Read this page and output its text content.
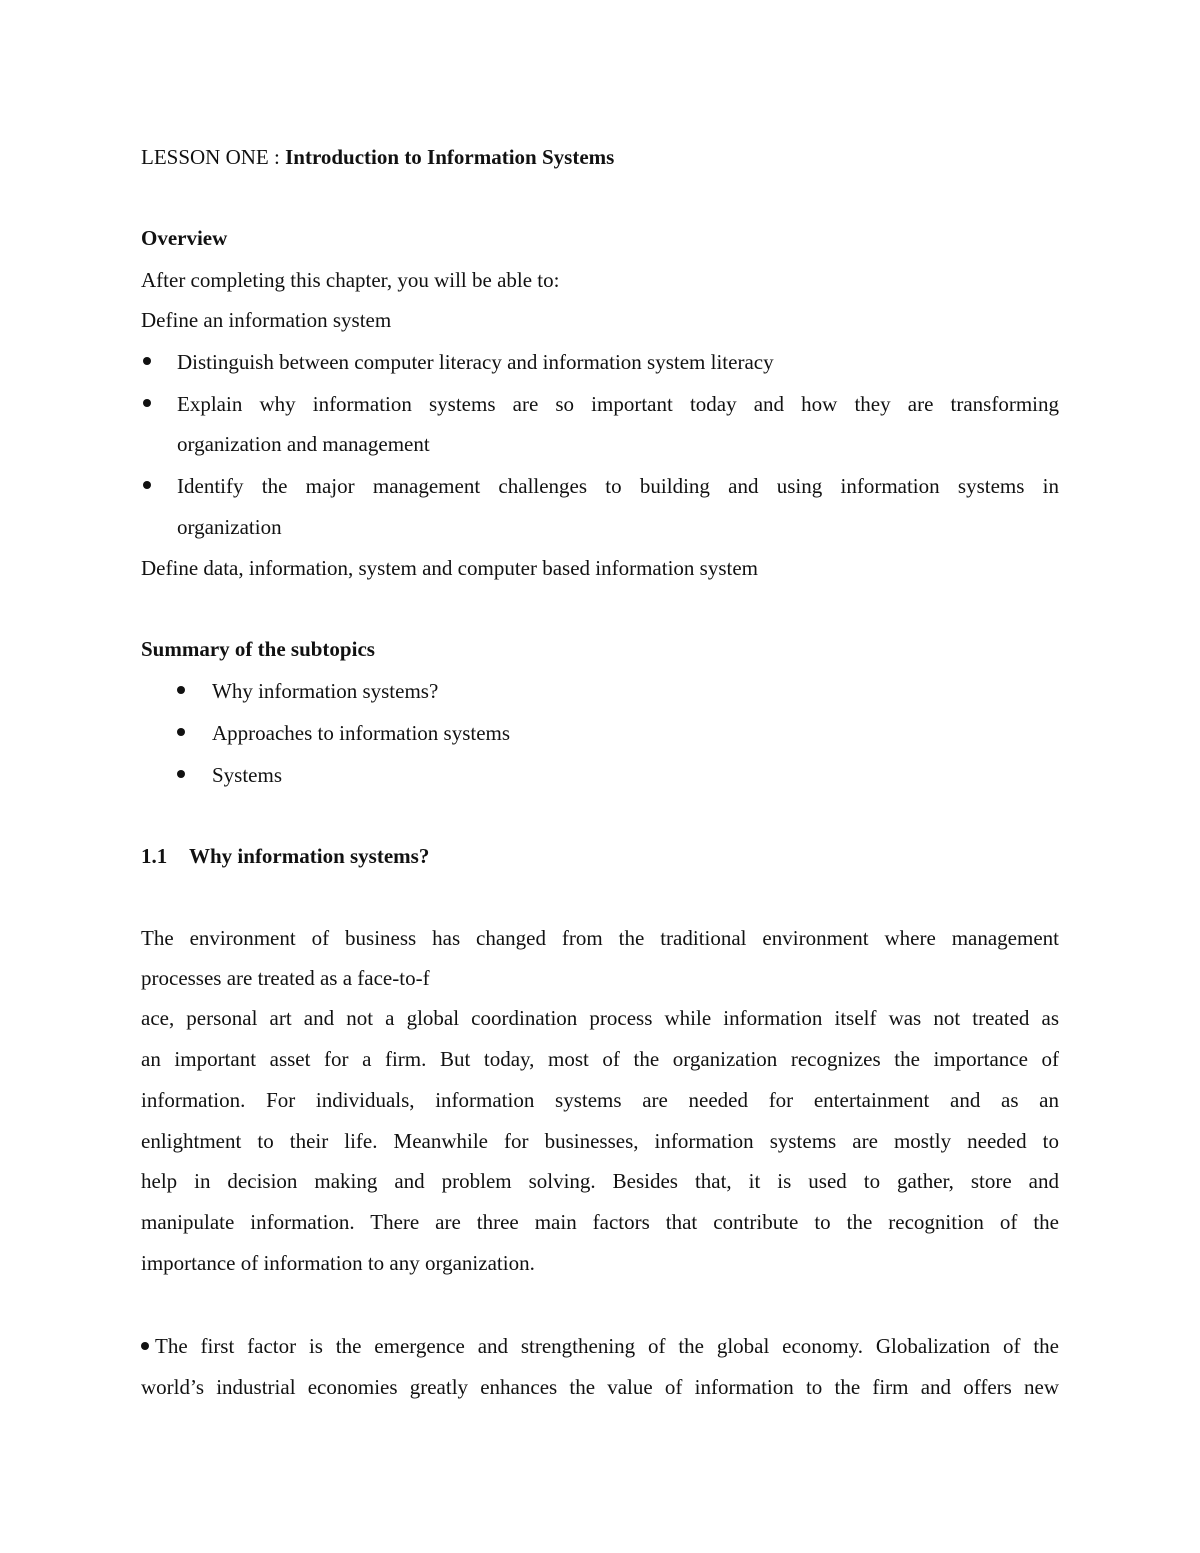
LESSON ONE : Introduction to Information Systems
Overview
After completing this chapter, you will be able to:
Define an information system
Distinguish between computer literacy and information system literacy
Explain why information systems are so important today and how they are transforming
organization and management
Identify the major management challenges to building and using information systems in
organization
Define data, information, system and computer based information system
Summary of the subtopics
Why information systems?
Approaches to information systems
Systems
1.1 Why information systems?
The environment of business has changed from the traditional environment where management
processes are treated as a face-to-f
ace, personal art and not a global coordination process while information itself was not treated as
an important asset for a firm. But today, most of the organization recognizes the importance of
information. For individuals, information systems are needed for entertainment and as an
enlightment to their life. Meanwhile for businesses, information systems are mostly needed to
help in decision making and problem solving. Besides that, it is used to gather, store and
manipulate information. There are three main factors that contribute to the recognition of the
importance of information to any organization.
The first factor is the emergence and strengthening of the global economy. Globalization of the
world’s industrial economies greatly enhances the value of information to the firm and offers new
